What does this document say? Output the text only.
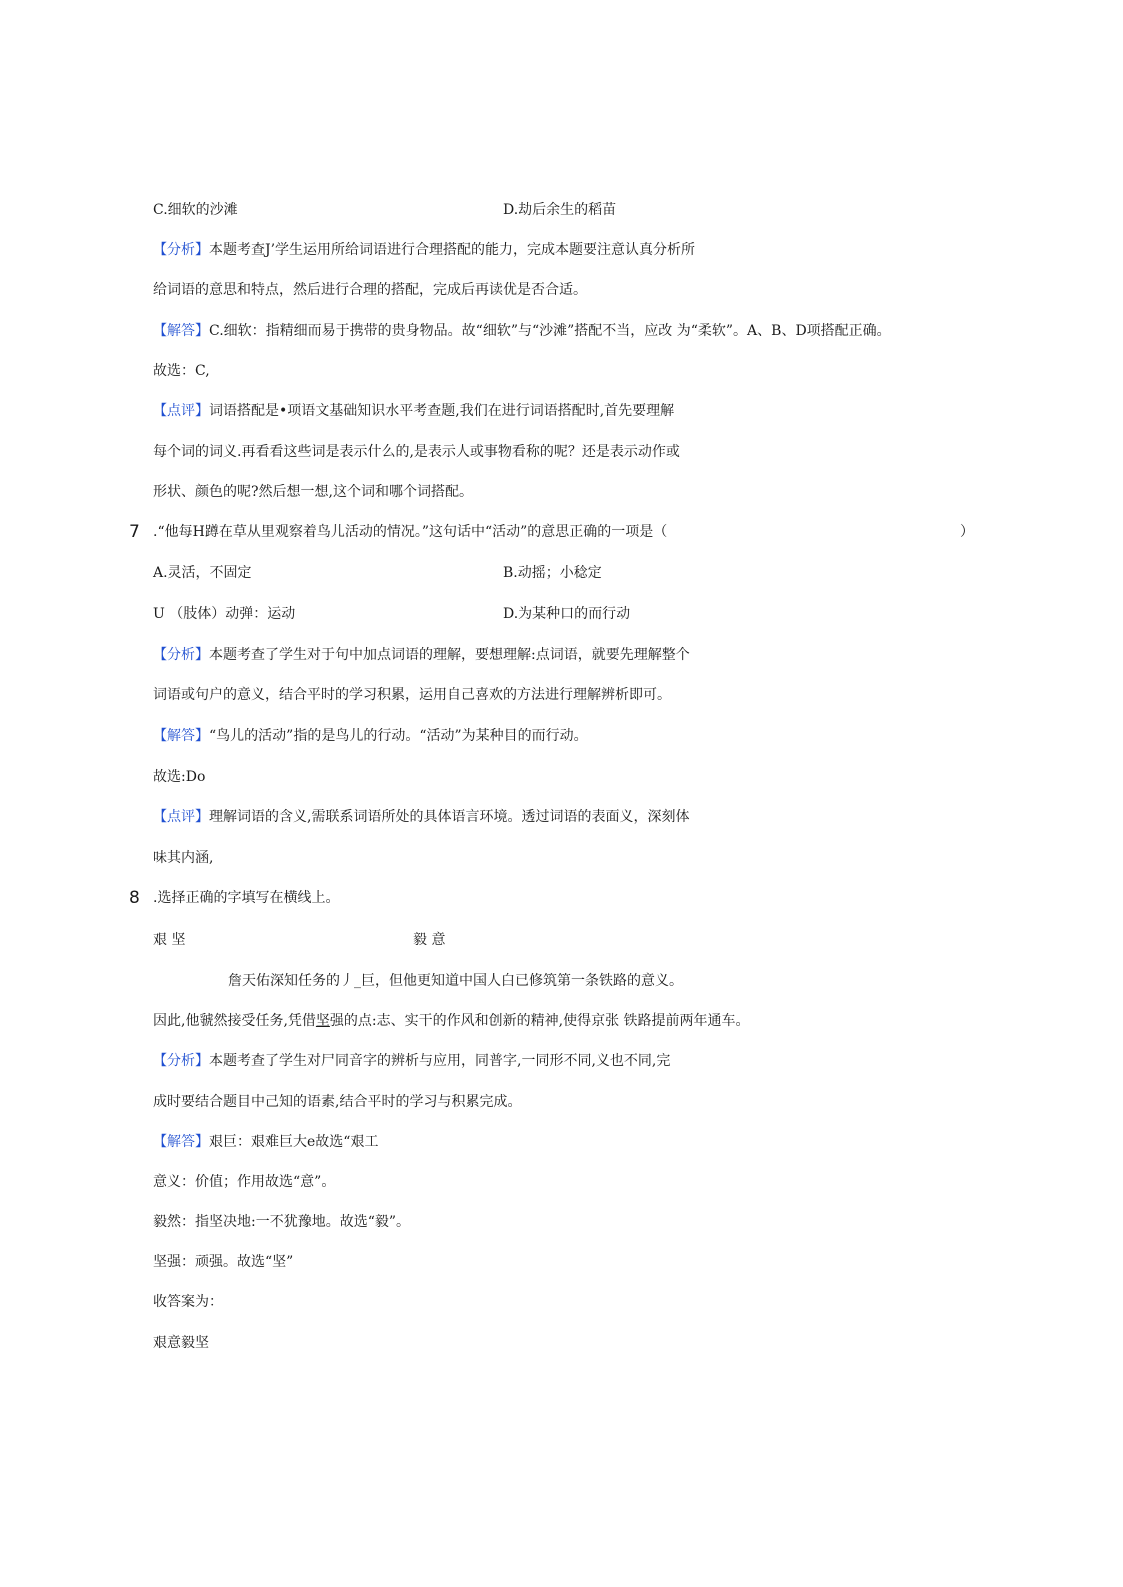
C.细软的沙滩	D.劫后余生的稻苗
【分析】本题考查J’学生运用所给词语进行合理搭配的能力，完成本题要注意认真分析所
给词语的意思和特点，然后进行合理的搭配，完成后再读优是否合适。
【解答】C.细软：指精细而易于携带的贵身物品。故“细软”与“沙滩”搭配不当，应改 为“柔软”。A、B、D项搭配正确。
故选：C,
【点评】词语搭配是•项语文基础知识水平考查题,我们在进行词语搭配时,首先要理解
每个词的词义.再看看这些词是表示什么的,是表示人或事物看称的呢？还是表示动作或
形状、颜色的呢?然后想一想,这个词和哪个词搭配。
7 .“他每H蹲在草从里观察着鸟儿活动的情况。”这句话中“活动”的意思正确的一项是（	）
A.灵活，不固定	B.动摇；小稔定
U （肢体）动弹：运动	D.为某种口的而行动
【分析】本题考查了学生对于句中加点词语的理解，要想理解:点词语，就要先理解整个
词语或句户的意义，结合平时的学习积累，运用自己喜欢的方法进行理解辨析即可。
【解答】“鸟儿的活动”指的是鸟儿的行动。“活动”为某种目的而行动。
故选:Do
【点评】理解词语的含义,需联系词语所处的具体语言环境。透过词语的表面义，深刻体
味其内涵,
8 .选择正确的字填写在横线上。
艰 坚	毅 意
詹天佑深知任务的丿_巨，但他更知道中国人白已修筑第一条铁路的意义。
因此,他虢然接受任务,凭借坚强的点:志、实干的作风和创新的精神,使得京张 铁路提前两年通车。
【分析】本题考查了学生对尸同音字的辨析与应用，同普字,一同形不同,义也不同,完
成时要结合题目中己知的语素,结合平时的学习与积累完成。
【解答】艰巨：艰难巨大e故选“艰工
意义：价值；作用故选“意”。
毅然：指坚决地:一不犹豫地。故选“毅”。
坚强：顽强。故选“坚”
收答案为：
艰意毅坚
